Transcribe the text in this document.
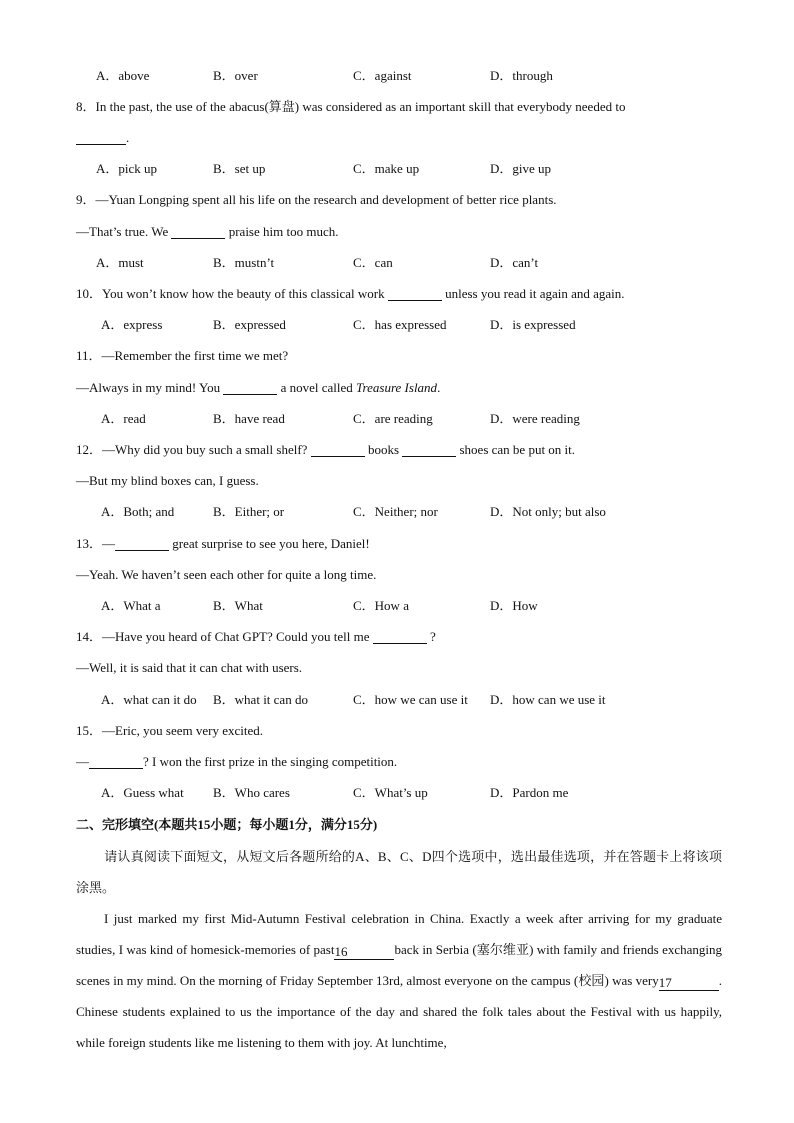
A．above	B．over	C．against	D．through
8．In the past, the use of the abacus(算盘) was considered as an important skill that everybody needed to
.
A．pick up	B．set up	C．make up	D．give up
9．—Yuan Longping spent all his life on the research and development of better rice plants.
—That’s true. We	praise him too much.
A．must	B．mustn’t	C．can	D．can’t
10．You won’t know how the beauty of this classical work	unless you read it again and again.
A．express	B．expressed	C．has expressed	D．is expressed
11．—Remember the first time we met?
—Always in my mind! You	a novel called Treasure Island.
A．read	B．have read	C．are reading	D．were reading
12．—Why did you buy such a small shelf?	books	shoes can be put on it.
—But my blind boxes can, I guess.
A．Both; and	B．Either; or	C．Neither; nor	D．Not only; but also
13．—	great surprise to see you here, Daniel!
—Yeah. We haven’t seen each other for quite a long time.
A．What a	B．What	C．How a	D．How
14．—Have you heard of Chat GPT? Could you tell me	?
—Well, it is said that it can chat with users.
A．what can it do B．what it can do	C．how we can use it D．how can we use it
15．—Eric, you seem very excited.
—	? I won the first prize in the singing competition.
A．Guess what B．Who cares	C．What’s up	D．Pardon me
二、完形填空(本题共15小题；每小题1分，满分15分)
请认真阅读下面短文，从短文后各题所给的A、B、C、D四个选项中，选出最佳选项，并在答题卡上将该项涂黑。
I just marked my first Mid-Autumn Festival celebration in China. Exactly a week after arriving for my graduate studies, I was kind of homesick-memories of past16	back in Serbia (塞尔维亚) with family and friends exchanging scenes in my mind. On the morning of Friday September 13rd, almost everyone on the campus (校园) was very17	. Chinese students explained to us the importance of the day and shared the folk tales about the Festival with us happily, while foreign students like me listening to them with joy. At lunchtime,
